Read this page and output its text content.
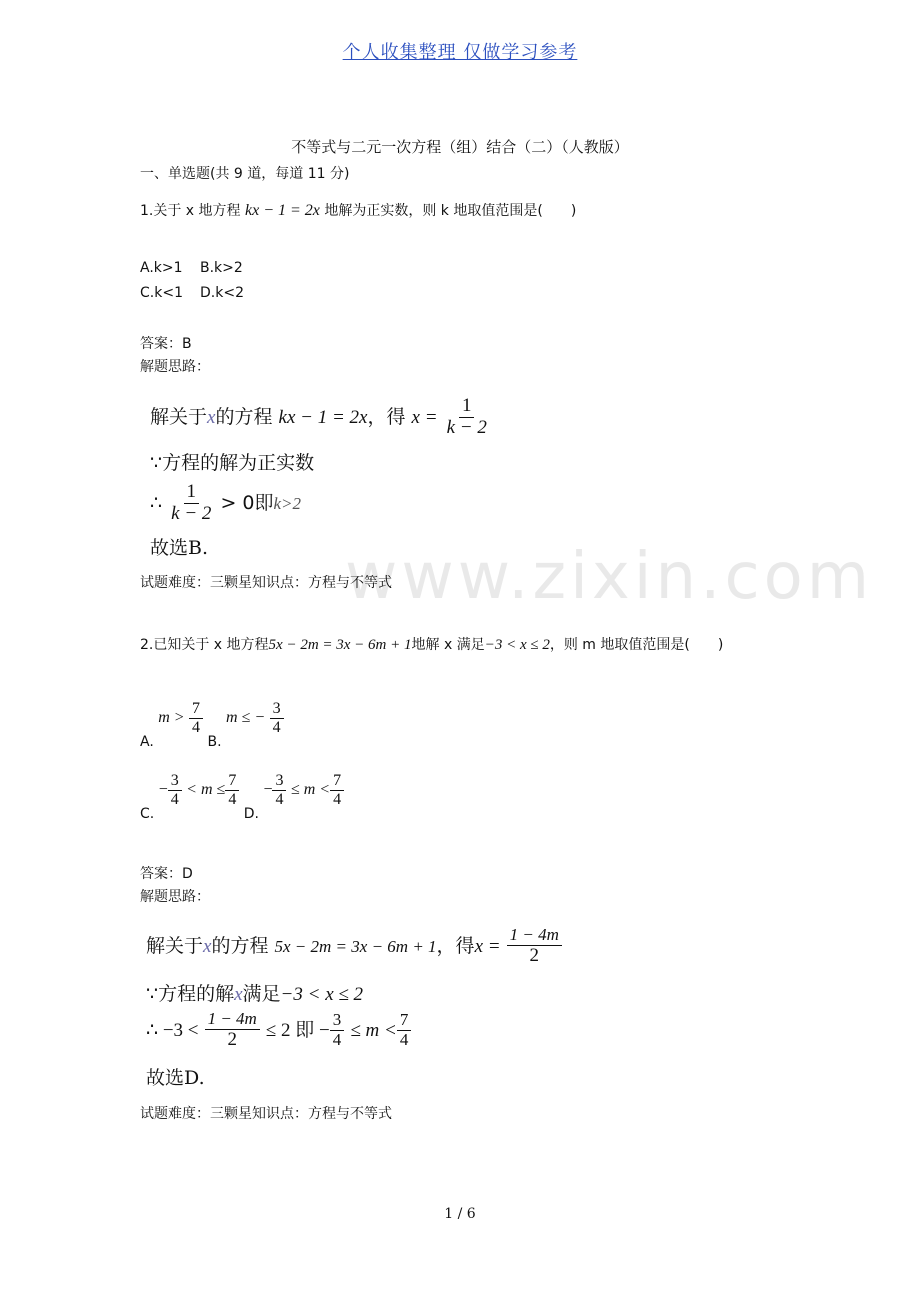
个人收集整理 仅做学习参考
www.zixin.com
不等式与二元一次方程（组）结合（二）（人教版）
一、单选题(共 9 道，每道 11 分)
1.关于 x 地方程 kx − 1 = 2x 地解为正实数，则 k 地取值范围是(　　)
A.k>1 B.k>2
C.k<1 D.k<2
答案：B
解题思路：
解关于x的方程 kx − 1 = 2x，得 $x = \frac{1}{k - 2}$
∵方程的解为正实数
∴ $\frac{1}{k - 2} > 0$即k>2
故选B.
试题难度：三颗星知识点：方程与不等式
2.已知关于 x 地方程5x − 2m = 3x − 6m + 1地解 x 满足−3 < x ≤ 2，则 m 地取值范围是(　　)
A. $m > \frac{7}{4}$
B. m ≤ − $\frac{3}{4}$
C. − $\frac{3}{4} < m \le \frac{7}{4}$
D. − $\frac{3}{4} \le m < \frac{7}{4}$
答案：D
解题思路：
解关于x的方程 5x − 2m = 3x − 6m + 1，得$x = \frac{1 - 4m}{2}$
∵方程的解x满足−3 < x ≤ 2
∴ $-3 < \frac{1 - 4m}{2} \le 2$ 即 − $\frac{3}{4} \le m < \frac{7}{4}$
故选D.
试题难度：三颗星知识点：方程与不等式
1 / 6
